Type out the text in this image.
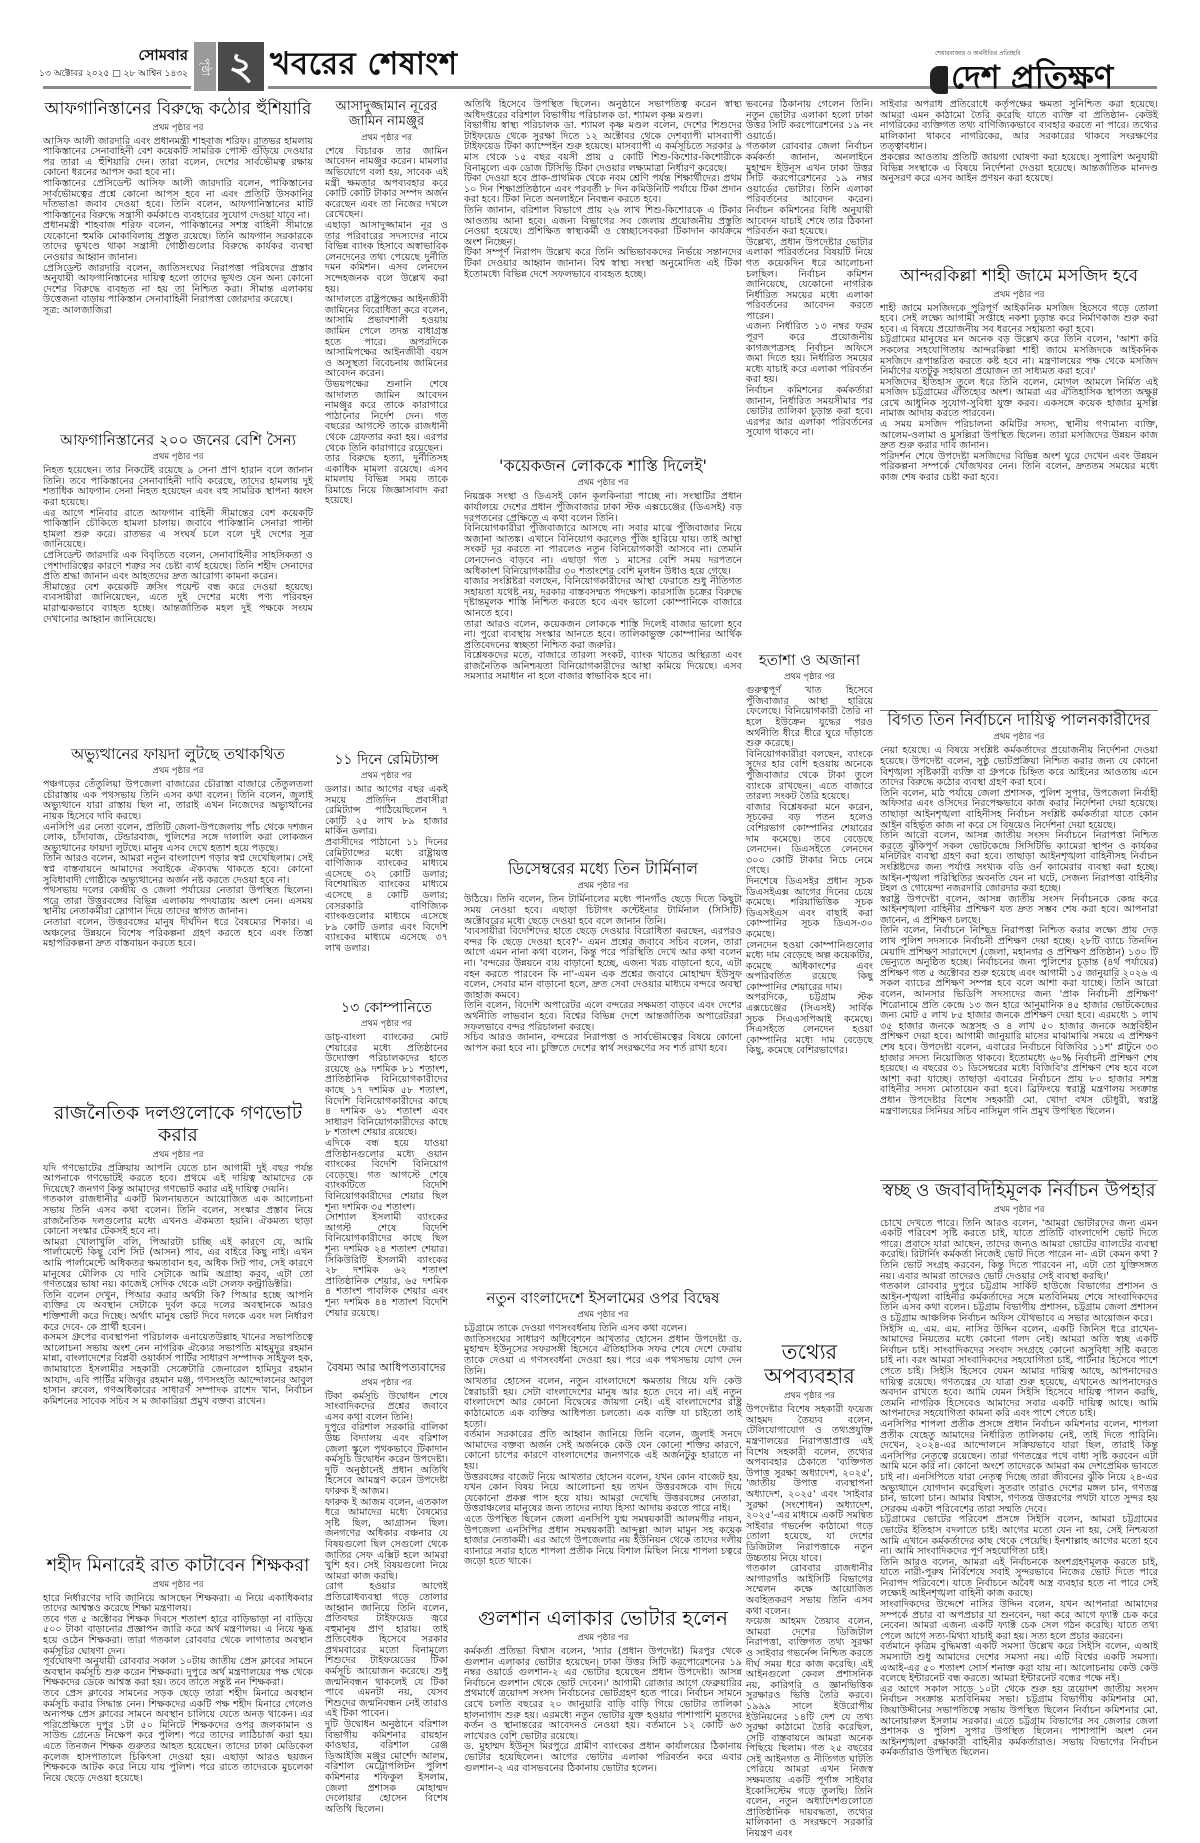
সোমবার
১৩ অক্টোবর ২০২৫ □ ২৮ আশ্বিন ১৪৩২	পৃষ্ঠা ২ খবরের শেষাংশ	শেয়ারবাজার ও অর্থনীতির প্রতিচ্ছবি
দেশ প্রতিক্ষণ
আফগানিস্তানের বিরুদ্ধে কঠোর হুঁশিয়ারি
প্রথম পৃষ্ঠার পর

আসিফ আলী জারদারি এবং প্রধানমন্ত্রী শাহবাজ শরিফ। রাতভর হামলায় পাকিস্তানের সেনাবাহিনী বেশ কয়েকটি সামরিক পোস্ট গুঁড়িয়ে দেওয়ার পর তারা এ হুঁশিয়ারি দেন। তারা বলেন, দেশের সার্বভৌমত্ব রক্ষায় কোনো ধরনের আপস করা হবে না।

পাকিস্তানের প্রেসিডেন্ট আসিফ আলী জারদারি বলেন, পাকিস্তানের সার্বভৌমত্বের প্রশ্নে কোনো আপস হবে না এবং প্রতিটি উসকানির দাঁতভাঙা জবাব দেওয়া হবে। তিনি বলেন, আফগানিস্তানের মাটি পাকিস্তানের বিরুদ্ধে সন্ত্রাসী কর্মকাণ্ডে ব্যবহারের সুযোগ দেওয়া যাবে না।

প্রধানমন্ত্রী শাহবাজ শরিফ বলেন, পাকিস্তানের সশস্ত্র বাহিনী সীমান্তে যেকোনো হুমকি মোকাবিলায় প্রস্তুত রয়েছে। তিনি আফগান সরকারকে তাদের ভূখণ্ডে থাকা সন্ত্রাসী গোষ্ঠীগুলোর বিরুদ্ধে কার্যকর ব্যবস্থা নেওয়ার আহ্বান জানান।

প্রেসিডেন্ট জারদারি বলেন, জাতিসংঘের নিরাপত্তা পরিষদের প্রস্তাব অনুযায়ী আফগানিস্তানের দায়িত্ব হলো তাদের ভূখণ্ড যেন অন্য কোনো দেশের বিরুদ্ধে ব্যবহৃত না হয় তা নিশ্চিত করা। সীমান্ত এলাকায় উত্তেজনা বাড়ায় পাকিস্তান সেনাবাহিনী নিরাপত্তা জোরদার করেছে।

সূত্র: আলজাজিরা

আফগানিস্তানের ২০০ জনের বেশি সৈন্য
প্রথম পৃষ্ঠার পর

নিহত হয়েছেন। তার নিকটেই রয়েছে ৯ সেনা প্রাণ হারান বলে জানান তিনি। তবে পাকিস্তানের সেনাবাহিনী দাবি করেছে, তাদের হামলায় দুই শতাধিক আফগান সেনা নিহত হয়েছেন এবং বহু সামরিক স্থাপনা ধ্বংস করা হয়েছে।

এর আগে শনিবার রাতে আফগান বাহিনী সীমান্তের বেশ কয়েকটি পাকিস্তানি চৌকিতে হামলা চালায়। জবাবে পাকিস্তানি সেনারা পাল্টা হামলা শুরু করে। রাতভর এ সংঘর্ষ চলে বলে দুই দেশের সূত্র জানিয়েছে।

প্রেসিডেন্ট জারদারি এক বিবৃতিতে বলেন, সেনাবাহিনীর সাহসিকতা ও পেশাদারিত্বের কারণে শত্রুর সব চেষ্টা ব্যর্থ হয়েছে। তিনি শহীদ সেনাদের প্রতি শ্রদ্ধা জানান এবং আহতদের দ্রুত আরোগ্য কামনা করেন।

সীমান্তের বেশ কয়েকটি ক্রসিং পয়েন্ট বন্ধ করে দেওয়া হয়েছে। ব্যবসায়ীরা জানিয়েছেন, এতে দুই দেশের মধ্যে পণ্য পরিবহন মারাত্মকভাবে ব্যাহত হচ্ছে। আন্তর্জাতিক মহল দুই পক্ষকে সংযম দেখানোর আহ্বান জানিয়েছে।

অভ্যুত্থানের ফায়দা লুটছে তথাকথিত
প্রথম পৃষ্ঠার পর

পঞ্চগড়ের তেঁতুলিয়া উপজেলা বাজারের চৌরাস্তা বাজারে তেঁতুলতলা চৌরাস্তায় এক পথসভায় তিনি এসব কথা বলেন। তিনি বলেন, জুলাই অভ্যুত্থানে যারা রাস্তায় ছিল না, তারাই এখন নিজেদের অভ্যুত্থানের নায়ক হিসেবে দাবি করছে।

এনসিপি এর নেতা বলেন, প্রতিটি জেলা-উপজেলায় পাঁচ থেকে দশজন লোক, চাঁদাবাজ, টেন্ডারবাজ, পুলিশের সঙ্গে দালালি করা লোকজন অভ্যুত্থানের ফায়দা লুটছে। মানুষ এসব দেখে হতাশ হয়ে পড়ছে।

তিনি আরও বলেন, আমরা নতুন বাংলাদেশ গড়ার স্বপ্ন দেখেছিলাম। সেই স্বপ্ন বাস্তবায়নে আমাদের সবাইকে ঐক্যবদ্ধ থাকতে হবে। কোনো সুবিধাবাদী গোষ্ঠীকে অভ্যুত্থানের অর্জন নষ্ট করতে দেওয়া হবে না।

পথসভায় দলের কেন্দ্রীয় ও জেলা পর্যায়ের নেতারা উপস্থিত ছিলেন। পরে তারা উত্তরবঙ্গের বিভিন্ন এলাকায় পদযাত্রায় অংশ নেন। এসময় স্থানীয় নেতাকর্মীরা স্লোগান দিয়ে তাদের স্বাগত জানান।

নেতারা বলেন, উত্তরবঙ্গের মানুষ দীর্ঘদিন ধরে বৈষম্যের শিকার। এ অঞ্চলের উন্নয়নে বিশেষ পরিকল্পনা গ্রহণ করতে হবে এবং তিস্তা মহাপরিকল্পনা দ্রুত বাস্তবায়ন করতে হবে।

রাজনৈতিক দলগুলোকে গণভোট করার
প্রথম পৃষ্ঠার পর

যদি গণভোটের প্রক্রিয়ায় আপনি যেতে চান আগামী দুই বছর পর্যন্ত আপনাকে গণভোটই করতে হবে। প্রথমে এই দায়িত্ব আমাদের কে দিয়েছে? জনগণ কিন্তু আমাদের গণভোট করার এই দায়িত্ব দেয়নি।

গতকাল রাজধানীর একটি মিলনায়তনে আয়োজিত এক আলোচনা সভায় তিনি এসব কথা বলেন। তিনি বলেন, সংস্কার প্রস্তাব নিয়ে রাজনৈতিক দলগুলোর মধ্যে এখনও ঐকমত্য হয়নি। ঐকমত্য ছাড়া কোনো সংস্কার টেকসই হবে না।

আমরা খোলাখুলি বলি, পিআরটা চাচ্ছি এই কারণে যে, আমি পার্লামেন্টে কিছু বেশি সিট (আসন) পাব, এর বাইরে কিছু নাই। এখন আমি পার্লামেন্টে অধিকতর ক্ষমতাবান হব, অধিক সিট পাব, সেই কারণে মানুষের মৌলিক যে দাবি সেটাকে আমি অগ্রাহ্য করব, এটা তো গণতন্ত্রের ভাষা নয়। কাজেই সেদিক থেকে এটা সেলফ কন্ট্রাডিক্টরি।

তিনি বলেন দেখুন, পিআর করার অর্থটা কি? পিআর হচ্ছে আপনি ব্যক্তির যে অবস্থান সেটাকে দুর্বল করে দলের অবস্থানকে আরও শক্তিশালী করে দিচ্ছে। অর্থাৎ মানুষ ভোট দিবে দলকে এবং দল নির্ধারণ করে দেবে- কে প্রার্থী হবেন।

কসমস গ্রুপের ব্যবস্থাপনা পরিচালক এনায়েতউল্লাহ খানের সভাপতিত্বে আলোচনা সভায় অংশ নেন নাগরিক ঐক্যের সভাপতি মাহমুদুর রহমান মান্না, বাংলাদেশের বিপ্লবী ওয়ার্কার্স পার্টির সাধারণ সম্পাদক সাইফুল হক, জামায়াতে ইসলামীর সহকারী সেক্রেটারি জেনারেল হামিদুর রহমান আযাদ, এবি পার্টির মজিবুর রহমান মঞ্জু, গণসংহতি আন্দোলনের আবুল হাসান রুবেল, গণঅধিকারের সাধারণ সম্পাদক রাশেদ খান, নির্বাচন কমিশনের সাবেক সচিব স ম জাকারিয়া প্রমুখ বক্তব্য রাখেন।

শহীদ মিনারেই রাত কাটাবেন শিক্ষকরা
প্রথম পৃষ্ঠার পর

হারে নির্ধারণের দাবি জানিয়ে আসছেন শিক্ষকরা। এ নিয়ে একাধিকবার তাদের আশ্বস্তও করেছে শিক্ষা মন্ত্রণালয়।

তবে গত ৫ অক্টোবর শিক্ষক দিবসে শতাংশ হারে বাড়িভাড়া না বাড়িয়ে ৫০০ টাকা বাড়ানোর প্রজ্ঞাপন জারি করে অর্থ মন্ত্রণালয়। এ নিয়ে ক্ষুব্ধ হয়ে ওঠেন শিক্ষকরা। তারা গতকাল রোববার থেকে লাগাতার অবস্থান কর্মসূচির ঘোষণা দেন।

পূর্বঘোষণা অনুযায়ী রোববার সকাল ১০টায় জাতীয় প্রেস ক্লাবের সামনে অবস্থান কর্মসূচি শুরু করেন শিক্ষকরা। দুপুরে অর্থ মন্ত্রণালয়ের পক্ষ থেকে শিক্ষকদের ডেকে আশ্বস্ত করা হয়। তবে তাতে সন্তুষ্ট নন শিক্ষকরা।

তবে প্রেস ক্লাবের সামনের সড়ক ছেড়ে তারা শহীদ মিনারে অবস্থান কর্মসূচি করার সিদ্ধান্ত নেন। শিক্ষকদের একটি পক্ষ শহীদ মিনারে গেলেও অন্যপক্ষ প্রেস ক্লাবের সামনে অবস্থান চালিয়ে যেতে অনড় থাকেন। এর পরিপ্রেক্ষিতে দুপুর ১টা ৫০ মিনিটে শিক্ষকদের ওপর জলকামান ও সাউন্ড গ্রেনেড নিক্ষেপ করে পুলিশ। পরে তাদের লাঠিচার্জ করা হয়। এতে তিনজন শিক্ষক গুরুতর আহত হয়েছেন। তাদের ঢাকা মেডিকেল কলেজ হাসপাতালে চিকিৎসা দেওয়া হয়। এছাড়া আরও ছয়জন শিক্ষককে আটক করে নিয়ে যায় পুলিশ। পরে রাতে তাদেরকে মুচলেকা নিয়ে ছেড়ে দেওয়া হয়েছে।

আসাদুজ্জামান নূরের জামিন নামঞ্জুর
প্রথম পৃষ্ঠার পর

শেষে বিচারক তার জামিন আবেদন নামঞ্জুর করেন। মামলার অভিযোগে বলা হয়, সাবেক এই মন্ত্রী ক্ষমতার অপব্যবহার করে কোটি কোটি টাকার সম্পদ অর্জন করেছেন এবং তা নিজের দখলে রেখেছেন।

এছাড়া আসাদুজ্জামান নূর ও তার পরিবারের সদস্যদের নামে বিভিন্ন ব্যাংক হিসাবে অস্বাভাবিক লেনদেনের তথ্য পেয়েছে দুর্নীতি দমন কমিশন। এসব লেনদেন সন্দেহজনক বলে উল্লেখ করা হয়।

আদালতে রাষ্ট্রপক্ষের আইনজীবী জামিনের বিরোধিতা করে বলেন, আসামি প্রভাবশালী হওয়ায় জামিন পেলে তদন্ত বাধাগ্রস্ত হতে পারে। অপরদিকে আসামিপক্ষের আইনজীবী বয়স ও অসুস্থতা বিবেচনায় জামিনের আবেদন করেন।

উভয়পক্ষের শুনানি শেষে আদালত জামিন আবেদন নামঞ্জুর করে তাকে কারাগারে পাঠানোর নির্দেশ দেন। গত বছরের আগস্টে তাকে রাজধানী থেকে গ্রেফতার করা হয়। এরপর থেকে তিনি কারাগারে রয়েছেন।

তার বিরুদ্ধে হত্যা, দুর্নীতিসহ একাধিক মামলা রয়েছে। এসব মামলায় বিভিন্ন সময় তাকে রিমান্ডে নিয়ে জিজ্ঞাসাবাদ করা হয়েছে।

১১ দিনে রেমিট্যান্স
প্রথম পৃষ্ঠার পর

ডলার। আর আগের বছর একই সময়ে প্রতিদিন প্রবাসীরা রেমিট্যান্স পাঠিয়েছিলেন ৭ কোটি ২৫ লাখ ৮৯ হাজার মার্কিন ডলার।

প্রবাসীদের পাঠানো ১১ দিনের রেমিট্যান্সের মধ্যে রাষ্ট্রায়ত্ত বাণিজ্যিক ব্যাংকের মাধ্যমে এসেছে ৩২ কোটি ডলার; বিশেষায়িত ব্যাংকের মাধ্যমে এসেছে ৪ কোটি ডলার; বেসরকারি বাণিজ্যিক ব্যাংকগুলোর মাধ্যমে এসেছে ৮৯ কোটি ডলার এবং বিদেশি ব্যাংকের মাধ্যমে এসেছে ৩৭ লাখ ডলার।

১৩ কোম্পানিতে
প্রথম পৃষ্ঠার পর

ডাচ্-বাংলা ব্যাংকের মোট শেয়ারের মধ্যে প্রতিষ্ঠানের উদ্যোক্তা পরিচালকদের হাতে রয়েছে ৬৯ দশমিক ৮১ শতাংশ, প্রাতিষ্ঠানিক বিনিয়োগকারীদের কাছে ১৭ দশমিক ৫৮ শতাংশ, বিদেশি বিনিয়োগকারীদের কাছে ৪ দশমিক ৬১ শতাংশ এবং সাধারণ বিনিয়োগকারীদের কাছে ৮ শতাংশ শেয়ার রয়েছে।

এদিকে বন্ধ হয়ে যাওয়া প্রতিষ্ঠানগুলোর মধ্যে ওয়ান ব্যাংকের বিদেশি বিনিয়োগ বেড়েছে। গত আগস্টে শেষে ব্যাংকটিতে বিদেশি বিনিয়োগকারীদের শেয়ার ছিল শূন্য দশমিক ৩৫ শতাংশ।

সোশ্যাল ইসলামী ব্যাংকের আগস্ট শেষে বিদেশি বিনিয়োগকারীদের কাছে ছিল শূন্য দশমিক ২৪ শতাংশ শেয়ার। সিকিউরিটি ইসলামী ব্যাংকের ২৮ দশমিক ৬২ শতাংশ প্রাতিষ্ঠানিক শেয়ার, ৬৫ দশমিক ৪ শতাংশ পাবলিক শেয়ার এবং শূন্য দশমিক ৪৪ শতাংশ বিদেশি শেয়ার রয়েছে।

বৈষম্য আর আধিপত্যবাদের
প্রথম পৃষ্ঠার পর

টিকা কর্মসূচি উদ্বোধন শেষে সাংবাদিকদের প্রশ্নের জবাবে এসব কথা বলেন তিনি।

দুপুরে বরিশাল সরকারি বালিকা উচ্চ বিদ্যালয় এবং বরিশাল জেলা স্কুলে পৃথকভাবে টিকাদান কর্মসূচি উদ্বোধন করেন উপদেষ্টা। দুটি অনুষ্ঠানেই প্রধান অতিথি হিসেবে আমন্ত্রণ করেন উপদেষ্টা ফারুক ই আজম।

ফারুক ই আজম বলেন, এতকাল ধরে আমাদের মধ্যে বৈষম্যের সৃষ্টি ছিল, আগ্রাসন ছিল। জনগণের অধিকার বঞ্চনার যে বিষয়গুলো ছিল সেগুলো থেকে জাতির সেফ এক্সিট হলে আমরা খুশি হব। সেই বিষয়গুলো নিয়ে আমরা কাজ করছি।

রোগ হওয়ার আগেই প্রতিরোধব্যবস্থা গড়ে তোলার আহ্বান জানিয়ে তিনি বলেন, প্রতিবছর টাইফয়েড জ্বরে বহুমানুষ প্রাণ হারায়। তাই প্রতিবেধক হিসেবে সরকার প্রথমবারের মতো বিনামূল্যে শিশুদের টাইফয়েডের টিকা কর্মসূচি আয়োজন করেছে। শুধু জন্মনিবন্ধন থাকলেই যে টিকা পাবে এমনটা নয়, যেসব শিশুদের জন্মনিবন্ধন নেই তারাও এই টিকা পাবেন।

দুটি উদ্বোধন অনুষ্ঠানে বরিশাল বিভাগীয় কমিশনার রায়হান কাওছার, বরিশাল রেঞ্জ ডিআইজি মঞ্জুর মোর্শেদ আলম, বরিশাল মেট্রোপলিটন পুলিশ কমিশনার শফিকুল ইসলাম, জেলা প্রশাসক মোহাম্মদ দেলোয়ার হোসেন বিশেষ অতিথি ছিলেন।

অতিথি হিসেবে উপস্থিত ছিলেন। অনুষ্ঠানে সভাপতিত্ব করেন স্বাস্থ্য অধিদপ্তরের বরিশাল বিভাগীয় পরিচালক ডা. শ্যামল কৃষ্ণ মণ্ডল।

বিভাগীয় স্বাস্থ্য পরিচালক ডা. শ্যামল কৃষ্ণ মণ্ডল বলেন, দেশের শিশুদের টাইফয়েড থেকে সুরক্ষা দিতে ১২ অক্টোবর থেকে দেশব্যাপী মাসব্যাপী টাইফয়েড টিকা ক্যাম্পেইন শুরু হয়েছে। মাসব্যাপী এ কর্মসূচিতে সরকার ৯ মাস থেকে ১৫ বছর বয়সী প্রায় ৫ কোটি শিশু-কিশোর-কিশোরীকে বিনামূল্যে এক ডোজ টিসিভি টিকা দেওয়ার লক্ষ্যমাত্রা নির্ধারণ করেছে।

টিকা দেওয়া হবে প্রাক-প্রাথমিক থেকে নবম শ্রেণি পর্যন্ত শিক্ষার্থীদের। প্রথম ১০ দিন শিক্ষাপ্রতিষ্ঠানে এবং পরবর্তী ৮ দিন কমিউনিটি পর্যায়ে টিকা প্রদান করা হবে। টিকা নিতে অনলাইনে নিবন্ধন করতে হবে।

তিনি জানান, বরিশাল বিভাগে প্রায় ২৬ লাখ শিশু-কিশোরকে এ টিকার আওতায় আনা হবে। এজন্য বিভাগের সব জেলায় প্রয়োজনীয় প্রস্তুতি নেওয়া হয়েছে। প্রশিক্ষিত স্বাস্থ্যকর্মী ও স্বেচ্ছাসেবকরা টিকাদান কার্যক্রমে অংশ নিচ্ছেন।

টিকা সম্পূর্ণ নিরাপদ উল্লেখ করে তিনি অভিভাবকদের নির্ভয়ে সন্তানদের টিকা দেওয়ার আহ্বান জানান। বিশ্ব স্বাস্থ্য সংস্থা অনুমোদিত এই টিকা ইতোমধ্যে বিভিন্ন দেশে সফলভাবে ব্যবহৃত হচ্ছে।

'কয়েকজন লোককে শাস্তি দিলেই'
প্রথম পৃষ্ঠার পর

নিয়ন্ত্রক সংস্থা ও ডিএসই কোন কূলকিনারা পাচ্ছে না। সংস্থাটির প্রধান কার্যালয়ে দেশের প্রধান পুঁজিবাজার ঢাকা স্টক এক্সচেঞ্জের (ডিএসই) বড় দরপতনের প্রেক্ষিতে এ কথা বলেন তিনি।

বিনিয়োগকারীরা পুঁজিবাজারে আসছে না। সবার মাঝে পুঁজিবাজার নিয়ে অজানা আতঙ্ক। এখানে বিনিয়োগ করলেও পুঁজি হারিয়ে যায়। তাই আস্থা সংকট দূর করতে না পারলেও নতুন বিনিয়োগকারী আসবে না। তেমনি লেনদেনও বাড়বে না। এছাড়া গত ১ মাসের বেশি সময় দরপতনে অধিকাংশ বিনিয়োগকারীর ৩০ শতাংশের বেশি মূলধন উধাও হয়ে গেছে।

বাজার সংশ্লিষ্টরা বলছেন, বিনিয়োগকারীদের আস্থা ফেরাতে শুধু নীতিগত সহায়তা যথেষ্ট নয়, দরকার বাস্তবসম্মত পদক্ষেপ। কারসাজি চক্রের বিরুদ্ধে দৃষ্টান্তমূলক শাস্তি নিশ্চিত করতে হবে এবং ভালো কোম্পানিকে বাজারে আনতে হবে।

তারা আরও বলেন, কয়েকজন লোককে শাস্তি দিলেই বাজার ভালো হবে না। পুরো ব্যবস্থায় সংস্কার আনতে হবে। তালিকাভুক্ত কোম্পানির আর্থিক প্রতিবেদনের স্বচ্ছতা নিশ্চিত করা জরুরি।

বিশ্লেষকদের মতে, বাজারে তারল্য সংকট, ব্যাংক খাতের অস্থিরতা এবং রাজনৈতিক অনিশ্চয়তা বিনিয়োগকারীদের আস্থা কমিয়ে দিয়েছে। এসব সমস্যার সমাধান না হলে বাজার স্বাভাবিক হবে না।

ডিসেম্বরের মধ্যে তিন টার্মিনাল
প্রথম পৃষ্ঠার পর

উঠিয়ে। তিনি বলেন, তিন টার্মিনালের মধ্যে পানগাঁও ছেড়ে দিতে কিছুটা সময় নেওয়া হবে। এছাড়া চিটাগং কন্টেইনার টার্মিনাল (সিসিটি) অক্টোবরের মধ্যে ছেড়ে দেওয়া হবে বলে জানান তিনি।

'ব্যবসায়ীরা বিদেশিদের হাতে ছেড়ে দেওয়ার বিরোধিতা করছেন, এরপরও বন্দর কি ছেড়ে দেওয়া হবে?'- এমন প্রশ্নের জবাবে সচিব বলেন, তারা আগে এমন নানা কথা বলেন, কিন্তু পরে পরিস্থিতি দেখে আর কথা বলেন না। 'বন্দরের উন্নয়নে ব্যয় বাড়ানো হচ্ছে, এজন্য খরচ বাড়ানো হবে, এটা বহন করতে পারবেন কি না'-এমন এক প্রশ্নের জবাবে মোহাম্মদ ইউসুফ বলেন, সেবার মান বাড়ানো হলে, দ্রুত সেবা দেওয়ার মাধ্যমে বন্দরে অবস্থা জাহাজ কমবে।

তিনি বলেন, বিদেশি অপারেটর এলে বন্দরের সক্ষমতা বাড়বে এবং দেশের অর্থনীতি লাভবান হবে। বিশ্বের বিভিন্ন দেশে আন্তর্জাতিক অপারেটররা সফলভাবে বন্দর পরিচালনা করছে।

সচিব আরও জানান, বন্দরের নিরাপত্তা ও সার্বভৌমত্বের বিষয়ে কোনো আপস করা হবে না। চুক্তিতে দেশের স্বার্থ সংরক্ষণের সব শর্ত রাখা হবে।

নতুন বাংলাদেশে ইসলামের ওপর বিদ্বেষ
প্রথম পৃষ্ঠার পর

চট্টগ্রামে তাকে দেওয়া গণসংবর্ধনায় তিনি এসব কথা বলেন।

জাতিসংঘের সাধারণ অধিবেশনে আখতার হোসেন প্রধান উপদেষ্টা ড. মুহাম্মদ ইউনূসের সফরসঙ্গী হিসেবে ঐতিহাসিক সফর শেষে দেশে ফেরায় তাকে দেওয়া এ গণসংবর্ধনা দেওয়া হয়। পরে এক পথসভায় যোগ দেন তিনি।

আখতার হোসেন বলেন, নতুন বাংলাদেশে ক্ষমতায় গিয়ে যদি কেউ স্বৈরাচারী হয়। সেটা বাংলাদেশের মানুষ আর হতে দেবে না। এই নতুন বাংলাদেশে আর কোনো বিদ্বেষের জায়গা নেই। এই বাংলাদেশের রাষ্ট্র কাঠামোতে এক ব্যক্তির আধিপত্য চলতো। এক ব্যক্তি যা চাইতো তাই হতো।

বর্তমান সরকারের প্রতি আহ্বান জানিয়ে তিনি বলেন, জুলাই সনদে আমাদের বক্তব্য অর্জন সেই অর্জনকে কেউ যেন কোনো শক্তির কারণে, কোনো চাপের কারণে বাংলাদেশের জনগণকে এই অর্জনটুকু হারাতে না হয়।

উত্তরবঙ্গের বাজেট নিয়ে আখতার হোসেন বলেন, যখন কোন বাজেট হয়, যখন কোন বিষয় নিয়ে আলোচনা হয় তখন উত্তরবঙ্গকে বাদ দিয়ে যেকোনো প্রকল্প পাস হয়ে যায়। আমরা দেখেছি উত্তরবঙ্গের নেতারা, উত্তরাঞ্চলের মানুষের জন্য তাদের ন্যায্য হিস্যা আদায় করতে পারে নাই।

এতে উপস্থিত ছিলেন জেলা এনসিপি যুগ্ম সমন্বয়কারী আলমগীর নায়ন, উপজেলা এনসিপির প্রধান সমন্বয়কারী আব্দুল্লা আল মামুন সহ কয়েক হাজার নেতাকর্মী। এর আগে উপজেলার নয় ইউনিয়ন থেকে তাদের দলীয় ব্যানারে সবার হাতে শাপলা প্রতীক নিয়ে বিশাল মিছিল নিয়ে শাপলা চত্বরে জড়ো হতে থাকে।

গুলশান এলাকার ভোটার হলেন
প্রথম পৃষ্ঠার পর

কর্মকর্তা প্রতিভা বিশ্বাস বলেন, 'স্যার (প্রধান উপদেষ্টা) মিরপুর থেকে গুলশান এলাকার ভোটার হয়েছেন। ঢাকা উত্তর সিটি করপোরেশনের ১৯ নম্বর ওয়ার্ডে গুলশান-২ এর ভোটার হয়েছেন প্রধান উপদেষ্টা। আসন্ন নির্বাচনে গুলশান থেকে ভোট দেবেন।' আগামী রোজার আগে ফেব্রুয়ারির প্রথমার্ধে ত্রয়োদশ সংসদ নির্বাচনের ভোটগ্রহণ হতে পারে। নির্বাচন সামনে রেখে চলতি বছরের ২০ জানুয়ারি বাড়ি বাড়ি গিয়ে ভোটার তালিকা হালনাগাদ শুরু হয়। এরমধ্যে নতুন ভোটার যুক্ত হওয়ার পাশাপাশি মৃতদের কর্তন ও স্থানান্তরের আবেদনও নেওয়া হয়। বর্তমানে ১২ কোটি ৬৩ লাখেরও বেশি ভোটার রয়েছে।

ড. মুহাম্মদ ইউনূস মিরপুরে গ্রামীণ ব্যাংকের প্রধান কার্যালয়ের ঠিকানায় ভোটার হয়েছিলেন। আগের ভোটার এলাকা পরিবর্তন করে এবার গুলশান-২ এর বাসভবনের ঠিকানায় ভোটার হলেন।

ভবনের ঠিকানায় গেলেন তিনি। নতুন ভোটার এলাকা হলো ঢাকা উত্তর সিটি করপোরেশনের ১৯ নং ওয়ার্ডে।

গতকাল রোববার জেলা নির্বাচন কর্মকর্তা জানান, অনলাইনে মুহাম্মদ ইউনূস এখন ঢাকা উত্তর সিটি করপোরেশনের ১৯ নম্বর ওয়ার্ডের ভোটার। তিনি এলাকা পরিবর্তনের আবেদন করেন। নির্বাচন কমিশনের বিধি অনুযায়ী আবেদন যাচাই শেষে তার ঠিকানা পরিবর্তন করা হয়েছে।

উল্লেখ্য, প্রধান উপদেষ্টার ভোটার এলাকা পরিবর্তনের বিষয়টি নিয়ে গত কয়েকদিন ধরে আলোচনা চলছিল। নির্বাচন কমিশন জানিয়েছে, যেকোনো নাগরিক নির্ধারিত সময়ের মধ্যে এলাকা পরিবর্তনের আবেদন করতে পারেন।

এজন্য নির্ধারিত ১৩ নম্বর ফরম পূরণ করে প্রয়োজনীয় কাগজপত্রসহ নির্বাচন অফিসে জমা দিতে হয়। নির্ধারিত সময়ের মধ্যে যাচাই করে এলাকা পরিবর্তন করা হয়।

নির্বাচন কমিশনের কর্মকর্তারা জানান, নির্ধারিত সময়সীমার পর ভোটার তালিকা চূড়ান্ত করা হবে। এরপর আর এলাকা পরিবর্তনের সুযোগ থাকবে না।

হতাশা ও অজানা
প্রথম পৃষ্ঠার পর

গুরুত্বপূর্ণ খাত হিসেবে পুঁজিবাজার আস্থা হারিয়ে ফেলেছে। বিনিয়োগকারী তৈরি না হলে ইউক্রেন যুদ্ধের পরও অর্থনীতি ধীরে ধীরে ঘুরে দাঁড়াতে শুরু করেছে।

বিনিয়োগকারীরা বলছেন, ব্যাংকে সুদের হার বেশি হওয়ায় অনেকে পুঁজিবাজার থেকে টাকা তুলে ব্যাংকে রাখছেন। এতে বাজারে তারল্য সংকট তৈরি হয়েছে।

বাজার বিশ্লেষকরা মনে করেন, সূচকের বড় পতন হলেও বেশিরভাগ কোম্পানির শেয়ারের দাম কমেছে। তবে বেড়েছে লেনদেন। ডিএসইতে লেনদেন ৩০০ কোটি টাকার নিচে নেমে গেছে।

দিনশেষে ডিএসইর প্রধান সূচক ডিএসইএক্স আগের দিনের চেয়ে কমেছে। শরিয়াভিত্তিক সূচক ডিএসইএস এবং বাছাই করা কোম্পানির সূচক ডিএস-৩০ কমেছে।

লেনদেন হওয়া কোম্পানিগুলোর মধ্যে দাম বেড়েছে অল্প কয়েকটির, কমেছে অধিকাংশের এবং অপরিবর্তিত রয়েছে কিছু কোম্পানির শেয়ারের দাম।

অপরদিকে, চট্টগ্রাম স্টক এক্সচেঞ্জের (সিএসই) সার্বিক সূচক সিএএসপিআই কমেছে। সিএসইতে লেনদেন হওয়া কোম্পানির মধ্যে দাম বেড়েছে কিছু, কমেছে বেশিরভাগের।

তথ্যের অপব্যবহার
প্রথম পৃষ্ঠার পর

উপদেষ্টার বিশেষ সহকারী ফয়েজ আহমদ তৈয়্যব বলেন, টেলিযোগাযোগ ও তথ্যপ্রযুক্তি মন্ত্রণালয়ের নিরাপত্তাপ্রাপ্ত এই বিশেষ সহকারী বলেন, তথ্যের অপব্যবহার ঠেকাতে 'ব্যক্তিগত উপাত্ত সুরক্ষা অধ্যাদেশ, ২০২৫', 'জাতীয় উপাত্ত ব্যবস্থাপনা অধ্যাদেশ, ২০২৫' এবং 'সাইবার সুরক্ষা (সংশোধন) অধ্যাদেশ, ২০২৫'-এর মাধ্যমে একটি সমন্বিত সাইবার গভর্নেন্স কাঠামো গড়ে তোলা হয়েছে, যা দেশের ডিজিটাল নিরাপত্তাকে নতুন উচ্চতায় নিয়ে যাবে।

গতকাল রোববার রাজধানীর আগারগাঁও আইসিটি বিভাগের সম্মেলন কক্ষে আয়োজিত অবহিতকরণ সভায় তিনি এসব কথা বলেন।

ফয়েজ আহমদ তৈয়্যব বলেন, আমরা দেশের ডিজিটাল নিরাপত্তা, ব্যক্তিগত তথ্য সুরক্ষা ও সাইবার গভর্নেন্স নিশ্চিত করতে দীর্ঘ সময় ধরে কাজ করেছি। এই আইনগুলো কেবল প্রশাসনিক নয়, কারিগরি ও জ্ঞানভিত্তিক সুরক্ষারও ভিত্তি তৈরি করবে। ১৯৯৯ সালে ইউরোপীয় ইউনিয়নের ১৪টি দেশ যে তথ্য সুরক্ষা কাঠামো তৈরি করেছিল, সেটি বাস্তবায়নে আমরা অনেক পিছিয়ে ছিলাম। গত ২৫ বছরের সেই আইনগত ও নীতিগত ঘাটতি পেরিয়ে আমরা এখন নিজস্ব সক্ষমতায় একটি পূর্ণাঙ্গ সাইবার ইকোসিস্টেম গড়ে তুলছি। তিনি বলেন, নতুন অধ্যাদেশগুলোতে প্রাতিষ্ঠানিক দায়বদ্ধতা, তথ্যের মালিকানা ও সংরক্ষণে সরকারি নিয়ন্ত্রণ এবং

সাইবার অপরাধ প্রতিরোধে কর্তৃপক্ষের ক্ষমতা সুনিশ্চিত করা হয়েছে। আমরা এমন কাঠামো তৈরি করেছি যাতে ব্যক্তি বা প্রতিষ্ঠান- কেউই নাগরিকের ব্যক্তিগত তথ্য বাণিজ্যিকভাবে ব্যবহার করতে না পারে। তথ্যের মালিকানা থাকবে নাগরিকের, আর সরকারের থাকবে সংরক্ষণের তত্ত্বাবধান।

প্রকল্পের আওতায় প্রতিটি জায়গা ঘোষণা করা হয়েছে। সুপারিশ অনুযায়ী বিভিন্ন সংস্থাকে এ বিষয়ে নির্দেশনা দেওয়া হয়েছে। আন্তর্জাতিক মানদণ্ড অনুসরণ করে এসব আইন প্রণয়ন করা হয়েছে।

আন্দরকিল্লা শাহী জামে মসজিদ হবে
প্রথম পৃষ্ঠার পর

শাহী জামে মসজিদকে পুরিপূর্ণ আইকনিক মসজিদ হিসেবে গড়ে তোলা হবে। সেই লক্ষ্যে আগামী সপ্তাহে নকশা চূড়ান্ত করে নির্মাণকাজ শুরু করা হবে। এ বিষয়ে প্রয়োজনীয় সব ধরনের সহায়তা করা হবে।

চট্টগ্রামের মানুষের মন অনেক বড় উল্লেখ করে তিনি বলেন, 'আশা করি সকলের সহযোগিতায় আন্দরকিল্লা শাহী জামে মসজিদকে আইকনিক মসজিদে রূপান্তরিত করতে কষ্ট হবে না। মন্ত্রণালয়ের পক্ষ থেকে মসজিদ নির্মাণের যতটুকু সহায়তা প্রয়োজন তা সাধ্যমত করা হবে।'

মসজিদের ইতিহাস তুলে ধরে তিনি বলেন, মোগল আমলে নির্মিত এই মসজিদ চট্টগ্রামের ঐতিহ্যের অংশ। আমরা এর ঐতিহাসিক স্থাপত্য অক্ষুণ্ণ রেখে আধুনিক সুযোগ-সুবিধা যুক্ত করব। একসঙ্গে কয়েক হাজার মুসল্লি নামাজ আদায় করতে পারবেন।

এ সময় মসজিদ পরিচালনা কমিটির সদস্য, স্থানীয় গণ্যমান্য ব্যক্তি, আলেম-ওলামা ও মুসল্লিরা উপস্থিত ছিলেন। তারা মসজিদের উন্নয়ন কাজ দ্রুত শুরু করার দাবি জানান।

পরিদর্শন শেষে উপদেষ্টা মসজিদের বিভিন্ন অংশ ঘুরে দেখেন এবং উন্নয়ন পরিকল্পনা সম্পর্কে খোঁজখবর নেন। তিনি বলেন, দ্রুততম সময়ের মধ্যে কাজ শেষ করার চেষ্টা করা হবে।

বিগত তিন নির্বাচনে দায়িত্ব পালনকারীদের
প্রথম পৃষ্ঠার পর

নেয়া হয়েছে। এ বিষয়ে সংশ্লিষ্ট কর্মকর্তাদের প্রয়োজনীয় নির্দেশনা দেওয়া হয়েছে। উপদেষ্টা বলেন, সুষ্ঠু ভোটপ্রক্রিয়া নিশ্চিত করার জন্য যে কোনো বিশৃঙ্খলা সৃষ্টিকারী ব্যক্তি বা গ্রুপকে চিহ্নিত করে আইনের আওতায় এনে তাদের বিরুদ্ধে কঠোর ব্যবস্থা গ্রহণ করা হবে।

তিনি বলেন, মাঠ পর্যায়ে জেলা প্রশাসক, পুলিশ সুপার, উপজেলা নির্বাহী অফিসার এবং ওসিদের নিরপেক্ষভাবে কাজ করার নির্দেশনা দেয়া হয়েছে। তাছাড়া আইনশৃঙ্খলা বাহিনীসহ নির্বাচন সংশ্লিষ্ট কর্মকর্তারা যাতে কোন আইন বহির্ভূত কাজ না করে সে বিষয়েও নির্দেশনা দেয়া হয়েছে।

তিনি আরো বলেন, আসন্ন জাতীয় সংসদ নির্বাচনে নিরাপত্তা নিশ্চিত করতে ঝুঁকিপূর্ণ সকল ভোটকেন্দ্রে সিসিটিভি ক্যামেরা স্থাপন ও কার্যকর মনিটরিং ব্যবস্থা গ্রহণ করা হবে। তাছাড়া আইনশৃঙ্খলা বাহিনীসহ নির্বাচন সংশ্লিষ্টদের জন্য পর্যাপ্ত সংখ্যক বডি ওর্ন ক্যামেরার ব্যবস্থা করা হচ্ছে। আইন-শৃঙ্খলা পরিস্থিতির অবনতি যেন না ঘটে, সেজন্য নিরাপত্তা বাহিনীর টহল ও গোয়েন্দা নজরদারি জোরদার করা হচ্ছে।

স্বরাষ্ট্র উপদেষ্টা বলেন, আসন্ন জাতীয় সংসদ নির্বাচনকে কেন্দ্র করে আইনশৃঙ্খলা বাহিনীর প্রশিক্ষণ যত দ্রুত সম্ভব শেষ করা হবে। আপনারা জানেন, এ প্রশিক্ষণ চলছে।

তিনি বলেন, নির্বাচনে নিশ্ছিদ্র নিরাপত্তা নিশ্চিত করার লক্ষ্যে প্রায় দেড় লাখ পুলিশ সদস্যকে নির্বাচনী প্রশিক্ষণ দেয়া হচ্ছে। ২৮টি ব্যাচে তিনদিন মেয়াদি প্রশিক্ষণ সারাদেশে (জেলা, মহানগর ও প্রশিক্ষণ প্রতিষ্ঠান) ১৩০ টি ভেন্যুতে অনুষ্ঠিত হচ্ছে। নির্বাচনের জন্য পুলিশের চূড়ান্ত (৪র্থ পর্যায়ের) প্রশিক্ষণ গত ৫ অক্টোবর শুরু হয়েছে এবং আগামী ১৫ জানুয়ারি ২০২৬ এ সকল ব্যাচের প্রশিক্ষণ সম্পন্ন হবে বলে আশা করা যাচ্ছে। তিনি আরো বলেন, আনসার ভিডিপি সদস্যদের জন্য 'প্রাক নির্বাচনী প্রশিক্ষণ' শিরোনামে প্রতি কেন্দ্রে ১৩ জন হারে আনুমানিক ৪৫ হাজার ভোটকেন্দ্রের জন্য মোট ৫ লাখ ৮৫ হাজার জনকে প্রশিক্ষণ দেয়া হবে। এরমধ্যে ১ লাখ ৩৫ হাজার জনকে অস্ত্রসহ ও ৪ লাখ ৫০ হাজার জনকে অস্ত্রবিহীন প্রশিক্ষণ দেয়া হবে। আগামী জানুয়ারি মাসের মাঝামাঝি সময়ে এ প্রশিক্ষণ শেষ হবে। উপদেষ্টা বলেন, এবারের নির্বাচনে বিজিবির ১১শ' প্লাটুনে ৩৩ হাজার সদস্য নিয়োজিত থাকবে। ইতোমধ্যে ৬০% নির্বাচনী প্রশিক্ষণ শেষ হয়েছে। এ বছরের ৩১ ডিসেম্বরের মধ্যে বিজিবি'র প্রশিক্ষণ শেষ হবে বলে আশা করা যাচ্ছে। তাছাড়া এবারের নির্বাচনে প্রায় ৮০ হাজার সশস্ত্র বাহিনীর সদস্য মোতায়েন করা হবে। ব্রিফিংয়ে স্বরাষ্ট্র মন্ত্রণালয় সংক্রান্ত প্রধান উপদেষ্টার বিশেষ সহকারী মো. খোদা বখস চৌধুরী, স্বরাষ্ট্র মন্ত্রণালয়ের সিনিয়র সচিব নাসিমুল গনি প্রমুখ উপস্থিত ছিলেন।

স্বচ্ছ ও জবাবদিহিমূলক নির্বাচন উপহার
প্রথম পৃষ্ঠার পর

চোখে দেখতে পারে। তিনি আরও বলেন, 'আমরা ভোটারদের জন্য এমন একটি পরিবেশ সৃষ্টি করতে চাই, যাতে প্রতিটি বাংলাদেশি ভোট দিতে পারে। প্রবাসে যারা আছেন, তাদের জন্যও আমরা ভোটের ব্যালটের ব্যবস্থা করেছি। রিটার্নিং কর্মকর্তা নিজেই ভোট দিতে পারেন না- এটা কেমন কথা ? তিনি ভোট সংগ্রহ করবেন, কিন্তু দিতে পারবেন না, এটা তো যুক্তিসঙ্গত নয়। এবার আমরা তাদেরও ভোট দেওয়ার সেই ব্যবস্থা করছি।'

গতকাল রোববার দুপুরে চট্টগ্রাম সার্কিট হাউজে বিভাগের প্রশাসন ও আইন-শৃঙ্খলা বাহিনীর কর্মকর্তাদের সঙ্গে মতবিনিময় শেষে সাংবাদিকদের তিনি এসব কথা বলেন। চট্টগ্রাম বিভাগীয় প্রশাসন, চট্টগ্রাম জেলা প্রশাসন ও চট্টগ্রাম আঞ্চলিক নির্বাচন অফিস যৌথভাবে এ সভার আয়োজন করে।

সিইসি এ. এম. এম. নাসির উদ্দিন বলেন, একটি জিনিস ধরে রাখেন-আমাদের নিয়তের মধ্যে কোনো গলদ নেই। আমরা অতি স্বচ্ছ একটি নির্বাচন চাই। সাংবাদিকদের সংবাদ সংগ্রহে কোনো অসুবিধা সৃষ্টি করতে চাই না। বরং আমরা সাংবাদিকদের সহযোগিতা চাই, পার্টনার হিসেবে পাশে পেতে চাই। সিইসি হিসেবে যেমন আমার দায়িত্ব আছে, আপনাদেরও দায়িত্ব রয়েছে। গণতন্ত্রের যে যাত্রা শুরু হয়েছে, এখানেও আপনাদেরও অবদান রাখতে হবে। আমি যেমন সিইসি হিসেবে দায়িত্ব পালন করছি, তেমনি নাগরিক হিসেবেও আমাদের সবার একটি দায়িত্ব আছে। আমি আপনাদের সহযোগিতা কামনা করি এবং পাশে পেতে চাই।

এনসিপির শাপলা প্রতীক প্রসঙ্গে প্রধান নির্বাচন কমিশনার বলেন, শাপলা প্রতীক যেহেতু আমাদের নির্ধারিত তালিকায় নেই, তাই দিতে পারিনি। দেখেন, ২০২৪-এর আন্দোলনে সক্রিয়ভাবে যারা ছিল, তারাই কিন্তু এনসিপির নেতৃত্বে রয়েছেন। তারা গণতন্ত্রের পথে বাধা সৃষ্টি করবেন এটা আমি মনে করি না। কোনো অংশে তাদেরকে আমরা কম দেশপ্রেমিক ভাবতে চাই না। এনসিপিতে যারা নেতৃত্ব দিচ্ছে তারা জীবনের ঝুঁকি নিয়ে ২৪-এর অভ্যুত্থানে যোগদান করেছিল। সুতরাং তারাও দেশের মঙ্গল চান, গণতন্ত্র চান, ভালো চান। আমার বিশ্বাস, গণতন্ত্র উত্তরণের পথটা যাতে সুন্দর হয় সেরকম একটা পরিবেশের তারা সম্মতি দেবে।

চট্টগ্রামের ভোটের পরিবেশ প্রসঙ্গে সিইসি বলেন, আমরা চট্টগ্রামের ভোটের ইতিহাস বদলাতে চাই। আগের মতো যেন না হয়, সেই নিশ্চয়তা আমি এখানে কর্মকর্তাদের কাছ থেকে পেয়েছি। ইনশাল্লাহ আগের মতো হবে না। আমি সাংবাদিকদের পূর্ণ সহযোগিতা চাই।

তিনি আরও বলেন, আমরা এই নির্বাচনকে অংশগ্রহণমূলক করতে চাই, যাতে নারী-পুরুষ নির্বিশেষে সবাই সুন্দরভাবে নিজের ভোট দিতে পারে নিরাপদ পরিবেশে। যাতে নির্বাচনে অবৈধ অস্ত্র ব্যবহার হতে না পারে সেই লক্ষ্যেই আইনশৃঙ্খলা বাহিনী কাজ করছে।

সাংবাদিকদের উদ্দেশে নাসির উদ্দিন বলেন, যখন আপনারা আমাদের সম্পর্কে প্রচার বা অপপ্রচার যা শুনবেন, দয়া করে আগে ফ্যাক্ট চেক করে নেবেন। আমরা এজন্য একটি ফ্যাক্ট চেক সেল গঠন করেছি। যাতে তথ্য পেলে আগে সত্য-মিথ্যা যাচাই করা হয়। সত্য হলে প্রচার করবেন।

বর্তমানে কৃত্রিম বুদ্ধিমত্তা একটি সমস্যা উল্লেখ করে সিইসি বলেন, এআই সমস্যাটা শুধু আমাদের দেশের সমস্যা নয়। এটি বিশ্বের একটি সমস্যা। এআই-এর ৫০ শতাংশ সোর্স শনাক্ত করা যায় না। আলোচনায় কেউ কেউ বলেছে ইন্টারনেট বন্ধ করতে। আমরা ইন্টারনেট বন্ধের পক্ষে নই।

এর আগে সকাল সাড়ে ১০টা থেকে শুরু হয় ত্রয়োদশ জাতীয় সংসদ নির্বাচন সংক্রান্ত মতবিনিময় সভা। চট্টগ্রাম বিভাগীয় কমিশনার মো. জিয়াউদ্দীনের সভাপতিত্বে সভায় উপস্থিত ছিলেন নির্বাচন কমিশনার মো. আনোয়ারুল ইসলাম সরকার। এতে চট্টগ্রাম বিভাগের সব জেলার জেলা প্রশাসক ও পুলিশ সুপার উপস্থিত ছিলেন। পাশাপাশি অংশ নেন আইনশৃঙ্খলা রক্ষাকারী বাহিনীর কর্মকর্তারাও। সভায় বিভাগের নির্বাচন কর্মকর্তারাও উপস্থিত ছিলেন।
